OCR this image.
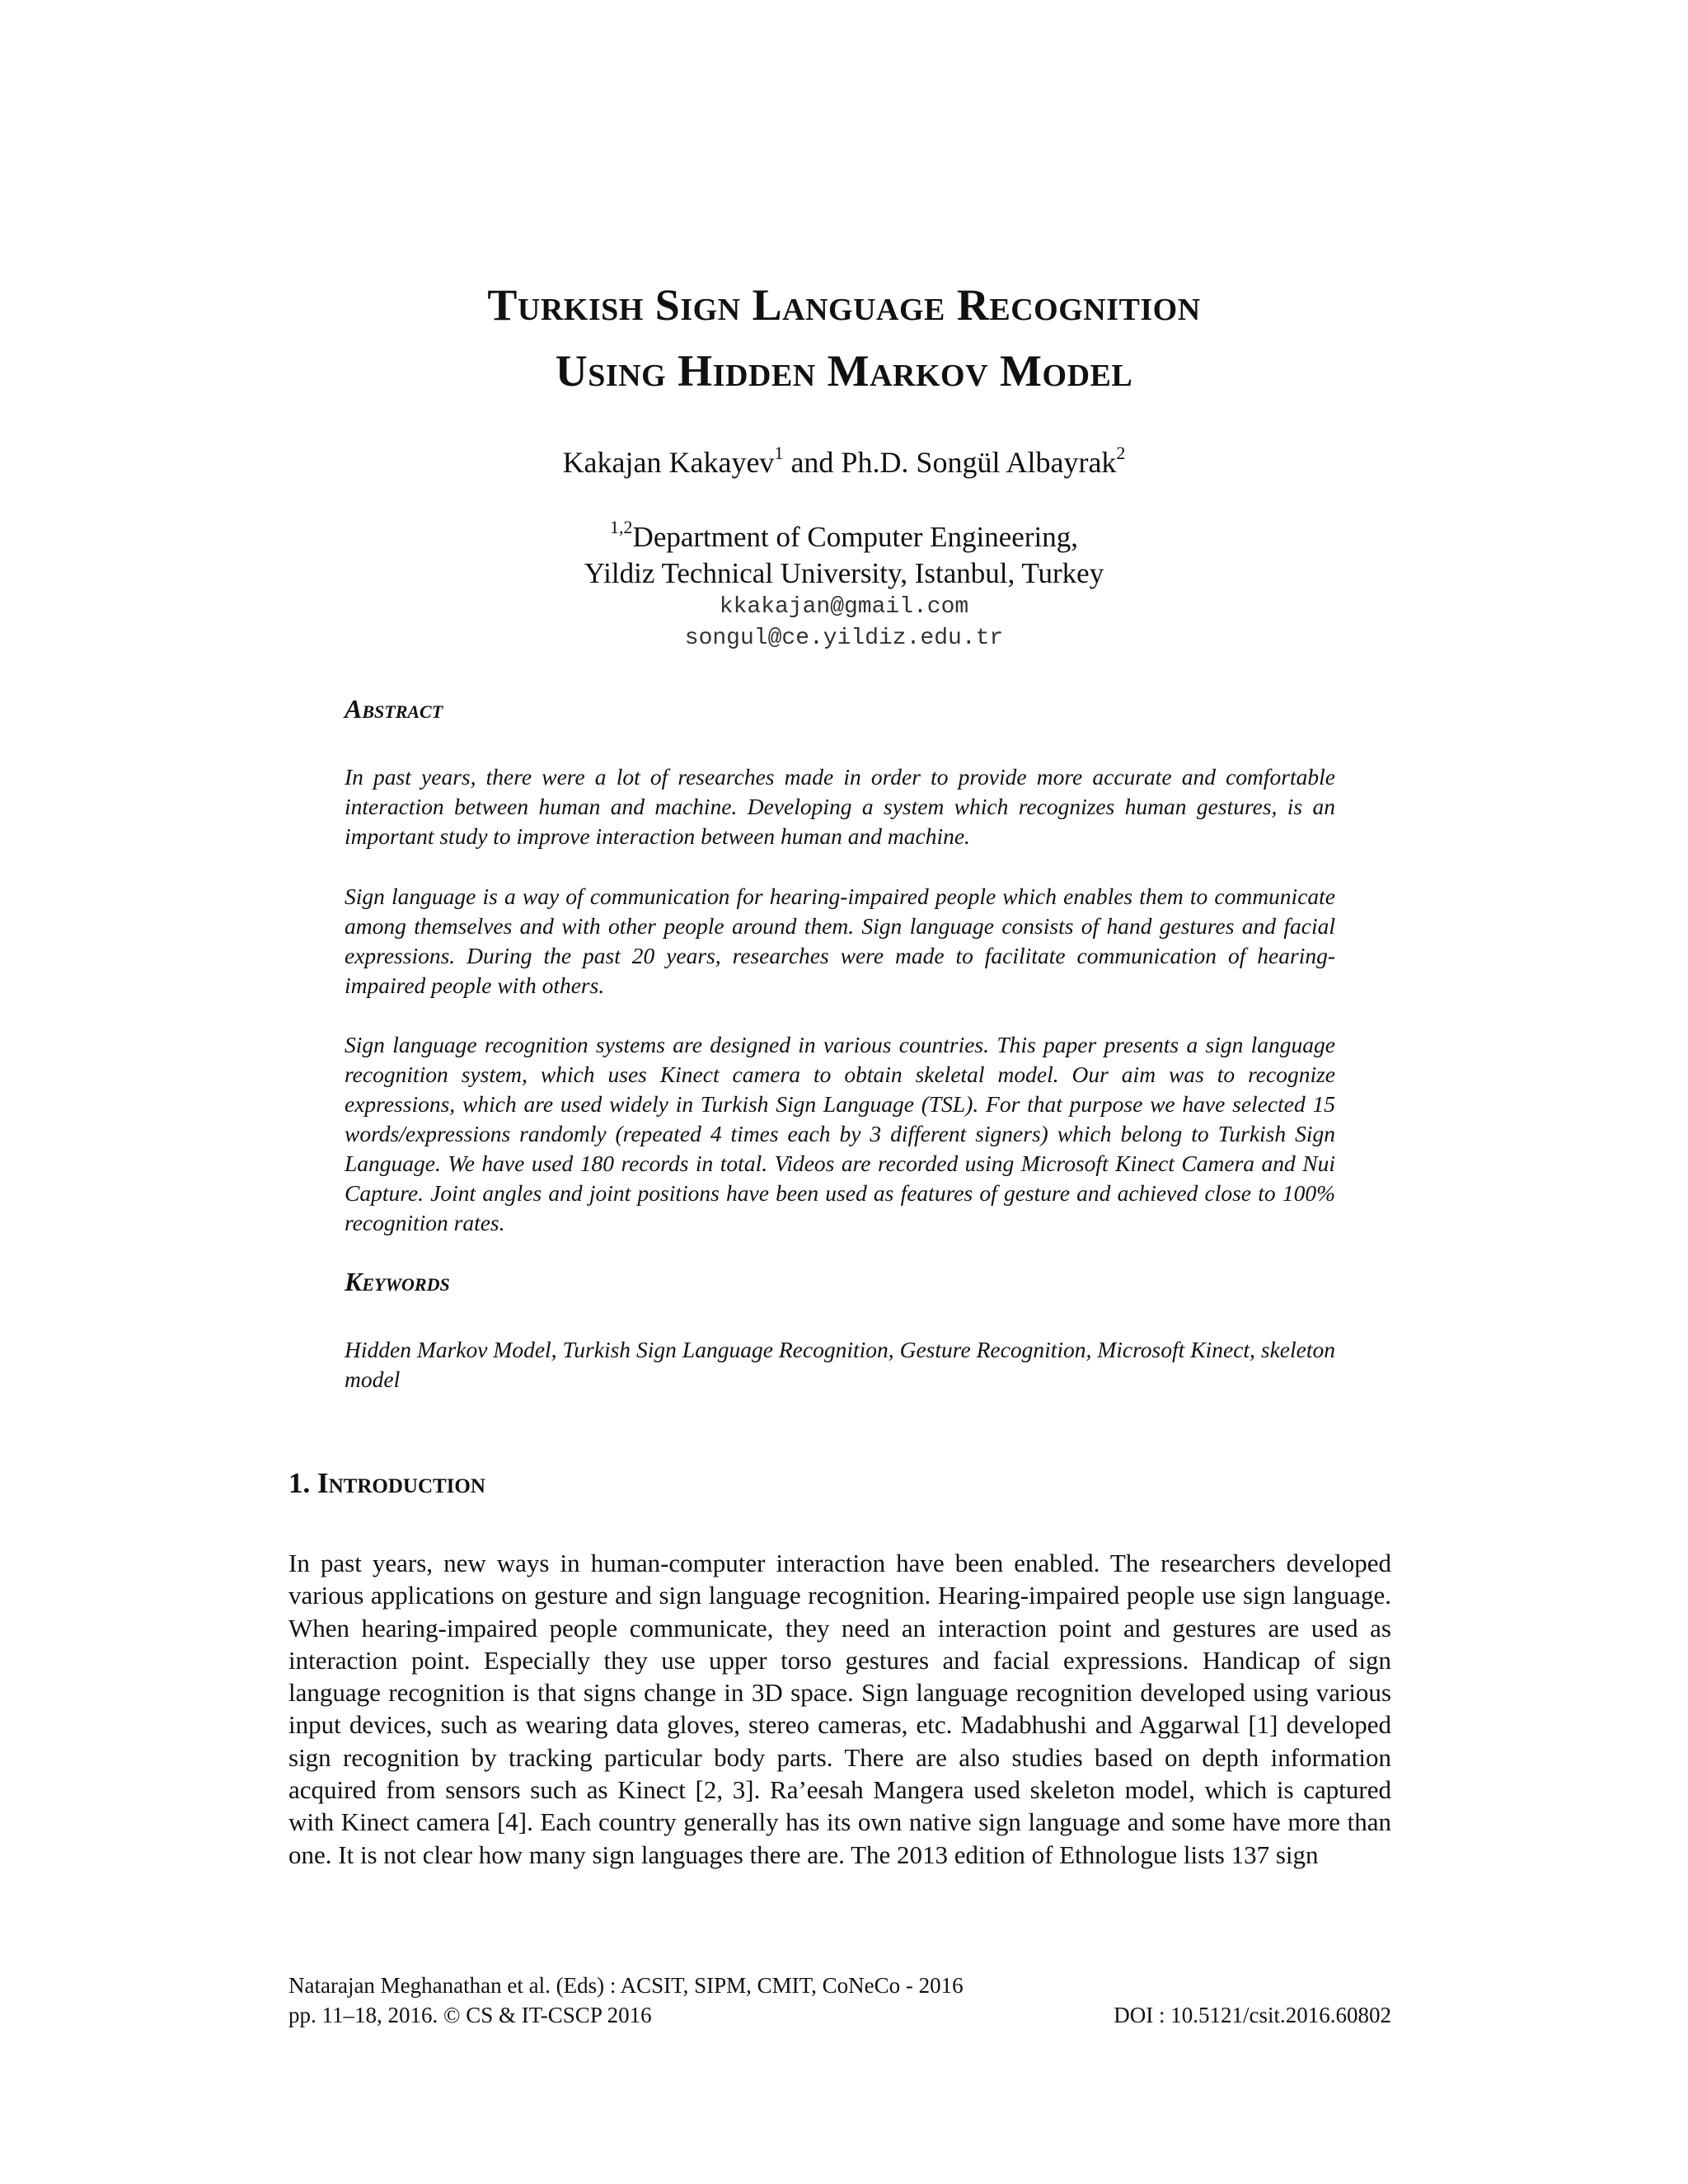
Turkish Sign Language Recognition
Using Hidden Markov Model
Kakajan Kakayev$^1$ and Ph.D. Songül Albayrak$^2$
$^{1,2}$Department of Computer Engineering,
Yildiz Technical University, Istanbul, Turkey
kkakajan@gmail.com
songul@ce.yildiz.edu.tr
Abstract
In past years, there were a lot of researches made in order to provide more accurate and comfortable interaction between human and machine. Developing a system which recognizes human gestures, is an important study to improve interaction between human and machine.
Sign language is a way of communication for hearing-impaired people which enables them to communicate among themselves and with other people around them. Sign language consists of hand gestures and facial expressions. During the past 20 years, researches were made to facilitate communication of hearing-impaired people with others.
Sign language recognition systems are designed in various countries. This paper presents a sign language recognition system, which uses Kinect camera to obtain skeletal model. Our aim was to recognize expressions, which are used widely in Turkish Sign Language (TSL). For that purpose we have selected 15 words/expressions randomly (repeated 4 times each by 3 different signers) which belong to Turkish Sign Language. We have used 180 records in total. Videos are recorded using Microsoft Kinect Camera and Nui Capture. Joint angles and joint positions have been used as features of gesture and achieved close to 100% recognition rates.
Keywords
Hidden Markov Model, Turkish Sign Language Recognition, Gesture Recognition, Microsoft Kinect, skeleton model
1. Introduction
In past years, new ways in human-computer interaction have been enabled. The researchers developed various applications on gesture and sign language recognition. Hearing-impaired people use sign language. When hearing-impaired people communicate, they need an interaction point and gestures are used as interaction point. Especially they use upper torso gestures and facial expressions. Handicap of sign language recognition is that signs change in 3D space. Sign language recognition developed using various input devices, such as wearing data gloves, stereo cameras, etc. Madabhushi and Aggarwal [1] developed sign recognition by tracking particular body parts. There are also studies based on depth information acquired from sensors such as Kinect [2, 3]. Ra’eesah Mangera used skeleton model, which is captured with Kinect camera [4]. Each country generally has its own native sign language and some have more than one. It is not clear how many sign languages there are. The 2013 edition of Ethnologue lists 137 sign
Natarajan Meghanathan et al. (Eds) : ACSIT, SIPM, CMIT, CoNeCo - 2016
pp. 11–18, 2016. © CS & IT-CSCP 2016	DOI : 10.5121/csit.2016.60802
